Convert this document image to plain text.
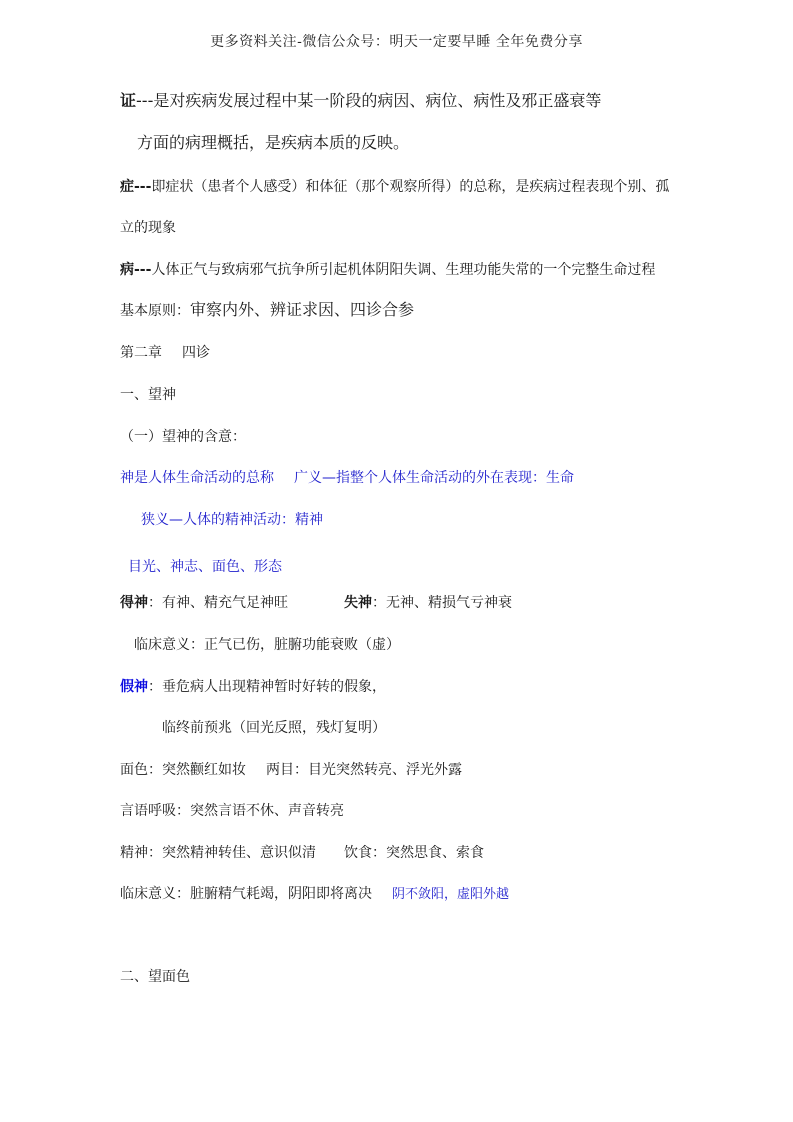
更多资料关注-微信公众号：明天一定要早睡 全年免费分享
证---是对疾病发展过程中某一阶段的病因、病位、病性及邪正盛衰等
方面的病理概括，是疾病本质的反映。
症---即症状（患者个人感受）和体征（那个观察所得）的总称，是疾病过程表现个别、孤
立的现象
病---人体正气与致病邪气抗争所引起机体阴阳失调、生理功能失常的一个完整生命过程
基本原则：审察内外、辨证求因、四诊合参
第二章 四诊
一、望神
（一）望神的含意：
神是人体生命活动的总称 广义—指整个人体生命活动的外在表现：生命
狭义—人体的精神活动：精神
目光、神志、面色、形态
得神：有神、精充气足神旺	失神：无神、精损气亏神衰
临床意义：正气已伤，脏腑功能衰败（虚）
假神：垂危病人出现精神暂时好转的假象，
临终前预兆（回光反照，残灯复明）
面色：突然颧红如妆 两目：目光突然转亮、浮光外露
言语呼吸：突然言语不休、声音转亮
精神：突然精神转佳、意识似清 饮食：突然思食、索食
临床意义：脏腑精气耗竭，阴阳即将离决 阴不敛阳，虚阳外越
二、望面色
